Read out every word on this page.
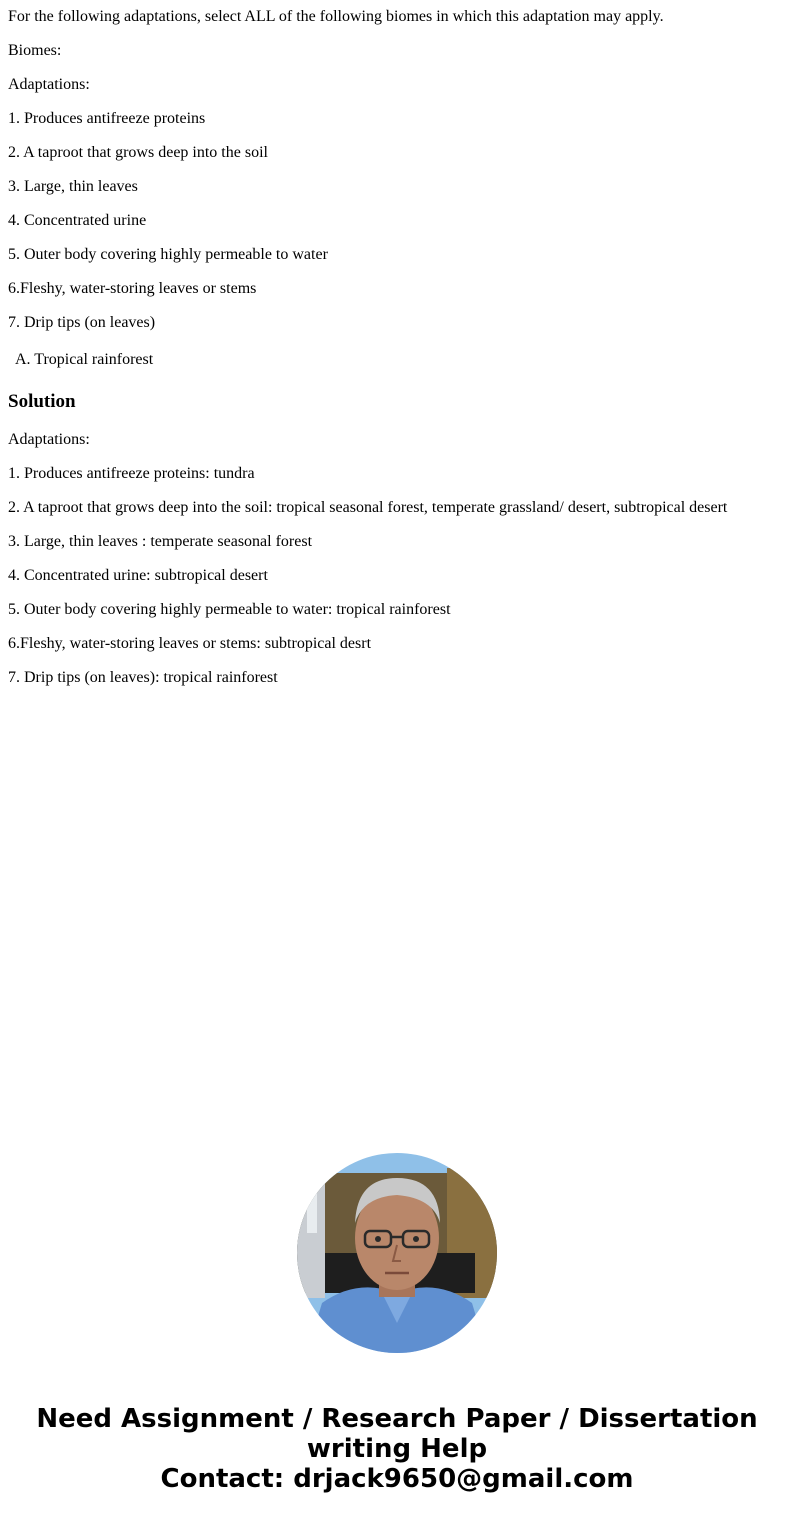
For the following adaptations, select ALL of the following biomes in which this adaptation may apply.
Biomes:
Adaptations:
1. Produces antifreeze proteins
2. A taproot that grows deep into the soil
3. Large, thin leaves
4. Concentrated urine
5. Outer body covering highly permeable to water
6.Fleshy, water-storing leaves or stems
7. Drip tips (on leaves)
A. Tropical rainforest
Solution
Adaptations:
1. Produces antifreeze proteins: tundra
2. A taproot that grows deep into the soil: tropical seasonal forest, temperate grassland/ desert, subtropical desert
3. Large, thin leaves : temperate seasonal forest
4. Concentrated urine: subtropical desert
5. Outer body covering highly permeable to water: tropical rainforest
6.Fleshy, water-storing leaves or stems: subtropical desrt
7. Drip tips (on leaves): tropical rainforest
Need Assignment / Research Paper / Dissertation
writing Help
Contact: drjack9650@gmail.com
